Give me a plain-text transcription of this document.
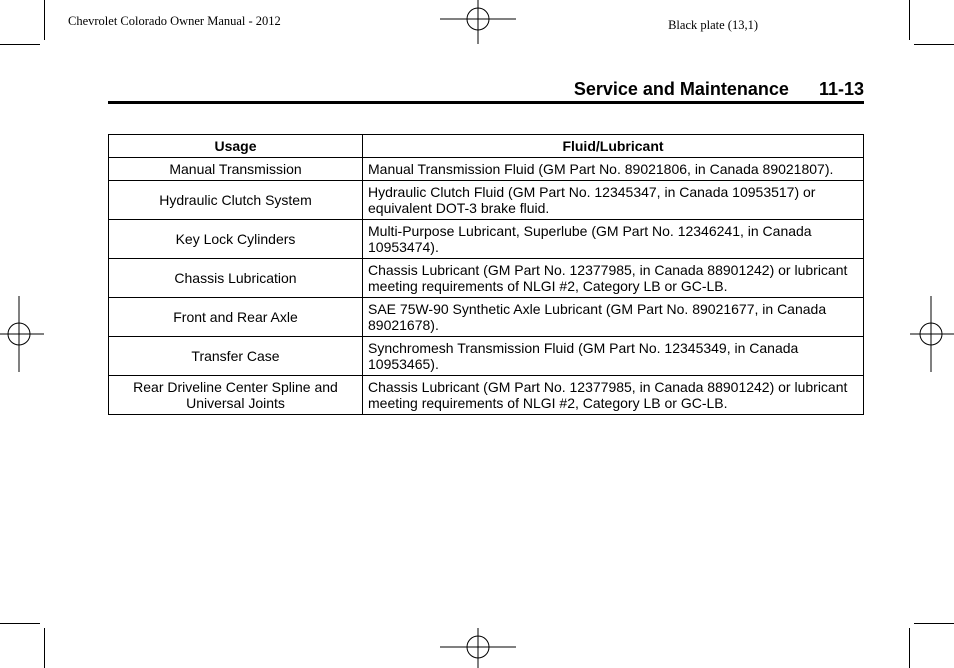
Chevrolet Colorado Owner Manual - 2012	Black plate (13,1)
Service and Maintenance 11-13
Usage	Fluid/Lubricant
Manual Transmission	Manual Transmission Fluid (GM Part No. 89021806, in Canada 89021807).
Hydraulic Clutch System	Hydraulic Clutch Fluid (GM Part No. 12345347, in Canada 10953517) or equivalent DOT-3 brake fluid.
Key Lock Cylinders	Multi-Purpose Lubricant, Superlube (GM Part No. 12346241, in Canada 10953474).
Chassis Lubrication	Chassis Lubricant (GM Part No. 12377985, in Canada 88901242) or lubricant meeting requirements of NLGI #2, Category LB or GC-LB.
Front and Rear Axle	SAE 75W-90 Synthetic Axle Lubricant (GM Part No. 89021677, in Canada 89021678).
Transfer Case	Synchromesh Transmission Fluid (GM Part No. 12345349, in Canada 10953465).
Rear Driveline Center Spline and Universal Joints	Chassis Lubricant (GM Part No. 12377985, in Canada 88901242) or lubricant meeting requirements of NLGI #2, Category LB or GC-LB.
